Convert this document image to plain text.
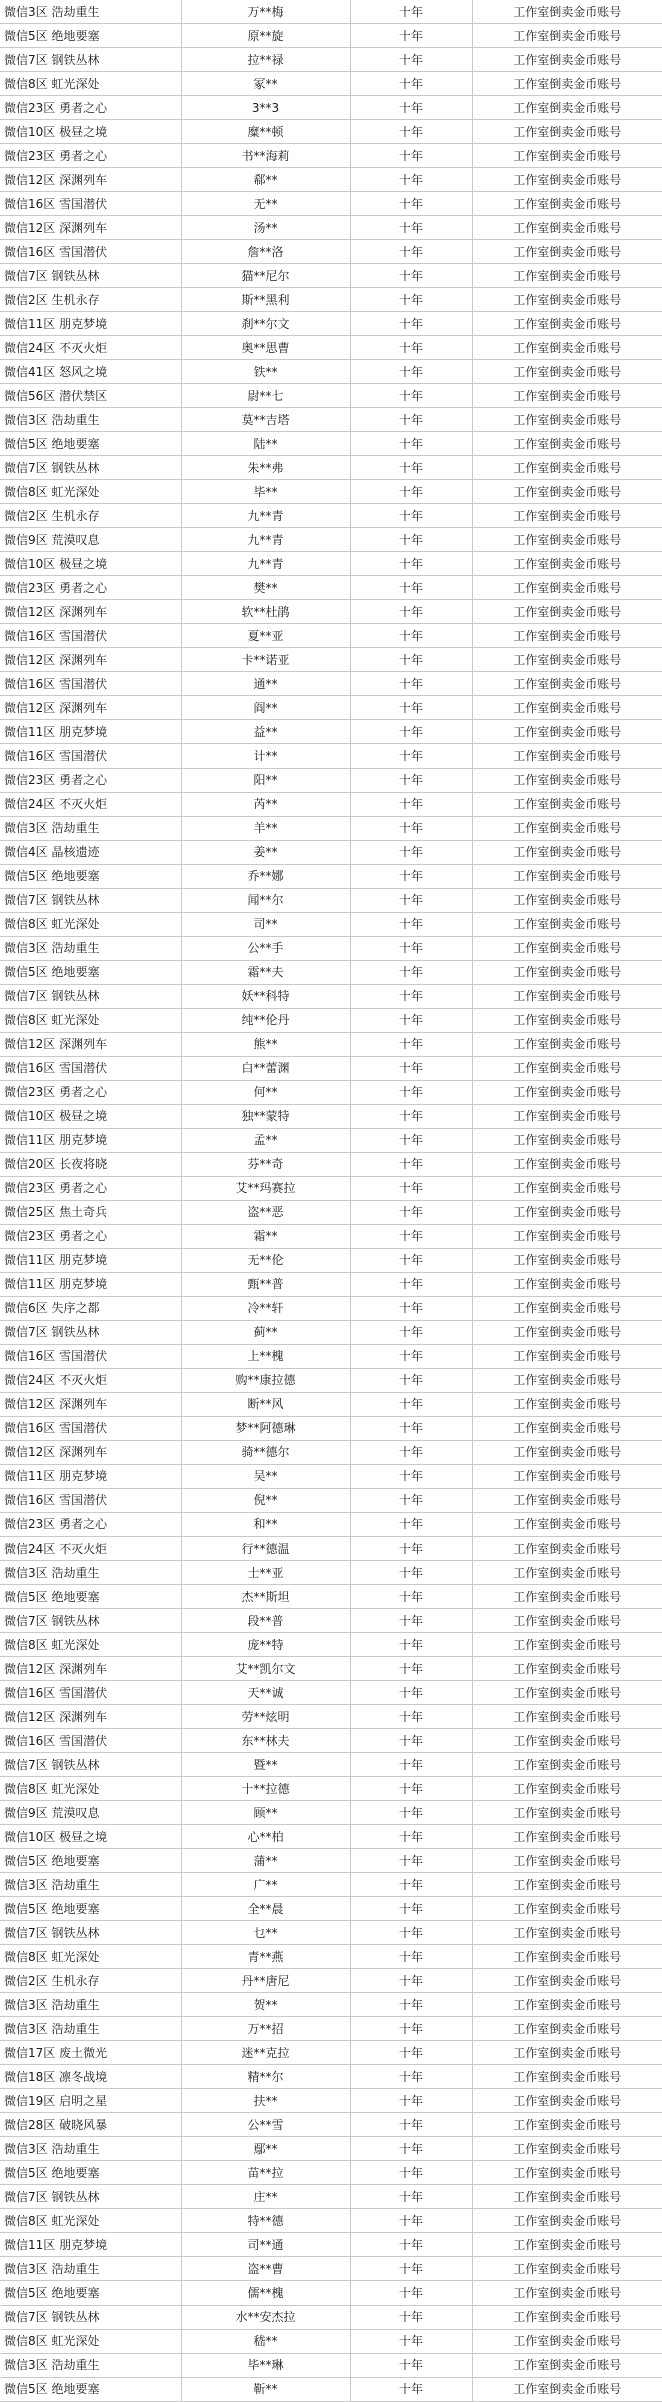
微信3区 浩劫重生	万**梅	十年	工作室倒卖金币账号
微信5区 绝地要塞	原**旋	十年	工作室倒卖金币账号
微信7区 钢铁丛林	拉**禄	十年	工作室倒卖金币账号
微信8区 虹光深处	冢**	十年	工作室倒卖金币账号
微信23区 勇者之心	3**3	十年	工作室倒卖金币账号
微信10区 极昼之境	糜**顿	十年	工作室倒卖金币账号
微信23区 勇者之心	书**海莉	十年	工作室倒卖金币账号
微信12区 深渊列车	郗**	十年	工作室倒卖金币账号
微信16区 雪国潜伏	无**	十年	工作室倒卖金币账号
微信12区 深渊列车	汤**	十年	工作室倒卖金币账号
微信16区 雪国潜伏	詹**洛	十年	工作室倒卖金币账号
微信7区 钢铁丛林	猫**尼尔	十年	工作室倒卖金币账号
微信2区 生机永存	斯**黑利	十年	工作室倒卖金币账号
微信11区 朋克梦境	刹**尔文	十年	工作室倒卖金币账号
微信24区 不灭火炬	奥**思曹	十年	工作室倒卖金币账号
微信41区 怒风之境	铁**	十年	工作室倒卖金币账号
微信56区 潜伏禁区	尉**七	十年	工作室倒卖金币账号
微信3区 浩劫重生	莫**吉塔	十年	工作室倒卖金币账号
微信5区 绝地要塞	陆**	十年	工作室倒卖金币账号
微信7区 钢铁丛林	朱**弗	十年	工作室倒卖金币账号
微信8区 虹光深处	毕**	十年	工作室倒卖金币账号
微信2区 生机永存	九**青	十年	工作室倒卖金币账号
微信9区 荒漠叹息	九**青	十年	工作室倒卖金币账号
微信10区 极昼之境	九**青	十年	工作室倒卖金币账号
微信23区 勇者之心	樊**	十年	工作室倒卖金币账号
微信12区 深渊列车	软**杜鹃	十年	工作室倒卖金币账号
微信16区 雪国潜伏	夏**亚	十年	工作室倒卖金币账号
微信12区 深渊列车	卡**诺亚	十年	工作室倒卖金币账号
微信16区 雪国潜伏	通**	十年	工作室倒卖金币账号
微信12区 深渊列车	阎**	十年	工作室倒卖金币账号
微信11区 朋克梦境	益**	十年	工作室倒卖金币账号
微信16区 雪国潜伏	计**	十年	工作室倒卖金币账号
微信23区 勇者之心	阳**	十年	工作室倒卖金币账号
微信24区 不灭火炬	芮**	十年	工作室倒卖金币账号
微信3区 浩劫重生	羊**	十年	工作室倒卖金币账号
微信4区 晶核遗迹	姜**	十年	工作室倒卖金币账号
微信5区 绝地要塞	乔**娜	十年	工作室倒卖金币账号
微信7区 钢铁丛林	闻**尔	十年	工作室倒卖金币账号
微信8区 虹光深处	司**	十年	工作室倒卖金币账号
微信3区 浩劫重生	公**手	十年	工作室倒卖金币账号
微信5区 绝地要塞	霜**夫	十年	工作室倒卖金币账号
微信7区 钢铁丛林	妖**科特	十年	工作室倒卖金币账号
微信8区 虹光深处	纯**伦丹	十年	工作室倒卖金币账号
微信12区 深渊列车	熊**	十年	工作室倒卖金币账号
微信16区 雪国潜伏	白**蕾渊	十年	工作室倒卖金币账号
微信23区 勇者之心	何**	十年	工作室倒卖金币账号
微信10区 极昼之境	独**蒙特	十年	工作室倒卖金币账号
微信11区 朋克梦境	孟**	十年	工作室倒卖金币账号
微信20区 长夜将晓	芬**奇	十年	工作室倒卖金币账号
微信23区 勇者之心	艾**玛赛拉	十年	工作室倒卖金币账号
微信25区 焦土奇兵	盗**恶	十年	工作室倒卖金币账号
微信23区 勇者之心	霜**	十年	工作室倒卖金币账号
微信11区 朋克梦境	无**伦	十年	工作室倒卖金币账号
微信11区 朋克梦境	甄**普	十年	工作室倒卖金币账号
微信6区 失序之都	冷**轩	十年	工作室倒卖金币账号
微信7区 钢铁丛林	蓟**	十年	工作室倒卖金币账号
微信16区 雪国潜伏	上**槐	十年	工作室倒卖金币账号
微信24区 不灭火炬	购**康拉德	十年	工作室倒卖金币账号
微信12区 深渊列车	断**风	十年	工作室倒卖金币账号
微信16区 雪国潜伏	梦**阿德琳	十年	工作室倒卖金币账号
微信12区 深渊列车	骑**德尔	十年	工作室倒卖金币账号
微信11区 朋克梦境	吴**	十年	工作室倒卖金币账号
微信16区 雪国潜伏	倪**	十年	工作室倒卖金币账号
微信23区 勇者之心	和**	十年	工作室倒卖金币账号
微信24区 不灭火炬	行**德温	十年	工作室倒卖金币账号
微信3区 浩劫重生	士**亚	十年	工作室倒卖金币账号
微信5区 绝地要塞	杰**斯坦	十年	工作室倒卖金币账号
微信7区 钢铁丛林	段**普	十年	工作室倒卖金币账号
微信8区 虹光深处	庞**特	十年	工作室倒卖金币账号
微信12区 深渊列车	艾**凯尔文	十年	工作室倒卖金币账号
微信16区 雪国潜伏	天**诚	十年	工作室倒卖金币账号
微信12区 深渊列车	劳**炫明	十年	工作室倒卖金币账号
微信16区 雪国潜伏	东**林夫	十年	工作室倒卖金币账号
微信7区 钢铁丛林	暨**	十年	工作室倒卖金币账号
微信8区 虹光深处	十**拉德	十年	工作室倒卖金币账号
微信9区 荒漠叹息	顾**	十年	工作室倒卖金币账号
微信10区 极昼之境	心**柏	十年	工作室倒卖金币账号
微信5区 绝地要塞	蒲**	十年	工作室倒卖金币账号
微信3区 浩劫重生	广**	十年	工作室倒卖金币账号
微信5区 绝地要塞	全**晨	十年	工作室倒卖金币账号
微信7区 钢铁丛林	乜**	十年	工作室倒卖金币账号
微信8区 虹光深处	青**燕	十年	工作室倒卖金币账号
微信2区 生机永存	丹**唐尼	十年	工作室倒卖金币账号
微信3区 浩劫重生	贺**	十年	工作室倒卖金币账号
微信3区 浩劫重生	万**招	十年	工作室倒卖金币账号
微信17区 废土微光	迷**克拉	十年	工作室倒卖金币账号
微信18区 凛冬战境	精**尔	十年	工作室倒卖金币账号
微信19区 启明之星	扶**	十年	工作室倒卖金币账号
微信28区 破晓风暴	公**雪	十年	工作室倒卖金币账号
微信3区 浩劫重生	鄢**	十年	工作室倒卖金币账号
微信5区 绝地要塞	苗**拉	十年	工作室倒卖金币账号
微信7区 钢铁丛林	庄**	十年	工作室倒卖金币账号
微信8区 虹光深处	特**德	十年	工作室倒卖金币账号
微信11区 朋克梦境	司**通	十年	工作室倒卖金币账号
微信3区 浩劫重生	盗**曹	十年	工作室倒卖金币账号
微信5区 绝地要塞	儒**槐	十年	工作室倒卖金币账号
微信7区 钢铁丛林	水**安杰拉	十年	工作室倒卖金币账号
微信8区 虹光深处	嵇**	十年	工作室倒卖金币账号
微信3区 浩劫重生	毕**琳	十年	工作室倒卖金币账号
微信5区 绝地要塞	靳**	十年	工作室倒卖金币账号
